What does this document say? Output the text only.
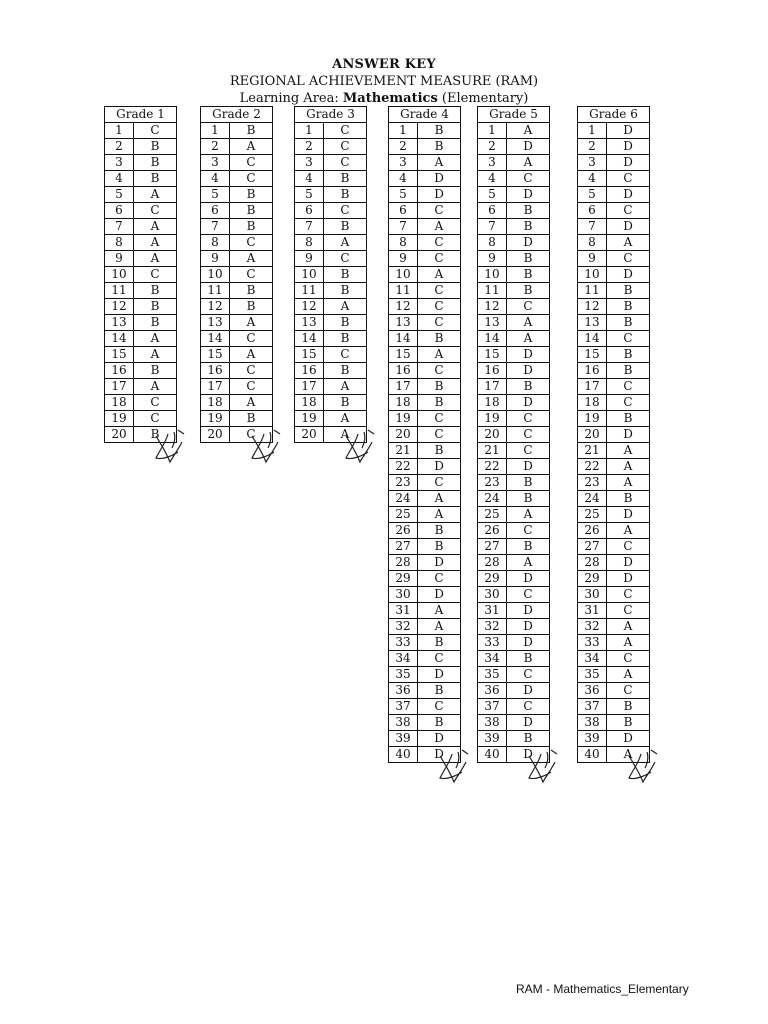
ANSWER KEY
REGIONAL ACHIEVEMENT MEASURE (RAM)
Learning Area: Mathematics (Elementary)
Grade 1	
1	C
2	B
3	B
4	B
5	A
6	C
7	A
8	A
9	A
10	C
11	B
12	B
13	B
14	A
15	A
16	B
17	A
18	C
19	C
20	B
Grade 2	
1	B
2	A
3	C
4	C
5	B
6	B
7	B
8	C
9	A
10	C
11	B
12	B
13	A
14	C
15	A
16	C
17	C
18	A
19	B
20	C
Grade 3	
1	C
2	C
3	C
4	B
5	B
6	C
7	B
8	A
9	C
10	B
11	B
12	A
13	B
14	B
15	C
16	B
17	A
18	B
19	A
20	A
Grade 4	
1	B
2	B
3	A
4	D
5	D
6	C
7	A
8	C
9	C
10	A
11	C
12	C
13	C
14	B
15	A
16	C
17	B
18	B
19	C
20	C
21	B
22	D
23	C
24	A
25	A
26	B
27	B
28	D
29	C
30	D
31	A
32	A
33	B
34	C
35	D
36	B
37	C
38	B
39	D
40	D
Grade 5	
1	A
2	D
3	A
4	C
5	D
6	B
7	B
8	D
9	B
10	B
11	B
12	C
13	A
14	A
15	D
16	D
17	B
18	D
19	C
20	C
21	C
22	D
23	B
24	B
25	A
26	C
27	B
28	A
29	D
30	C
31	D
32	D
33	D
34	B
35	C
36	D
37	C
38	D
39	B
40	D
Grade 6	
1	D
2	D
3	D
4	C
5	D
6	C
7	D
8	A
9	C
10	D
11	B
12	B
13	B
14	C
15	B
16	B
17	C
18	C
19	B
20	D
21	A
22	A
23	A
24	B
25	D
26	A
27	C
28	D
29	D
30	C
31	C
32	A
33	A
34	C
35	A
36	C
37	B
38	B
39	D
40	A
RAM - Mathematics_Elementary
